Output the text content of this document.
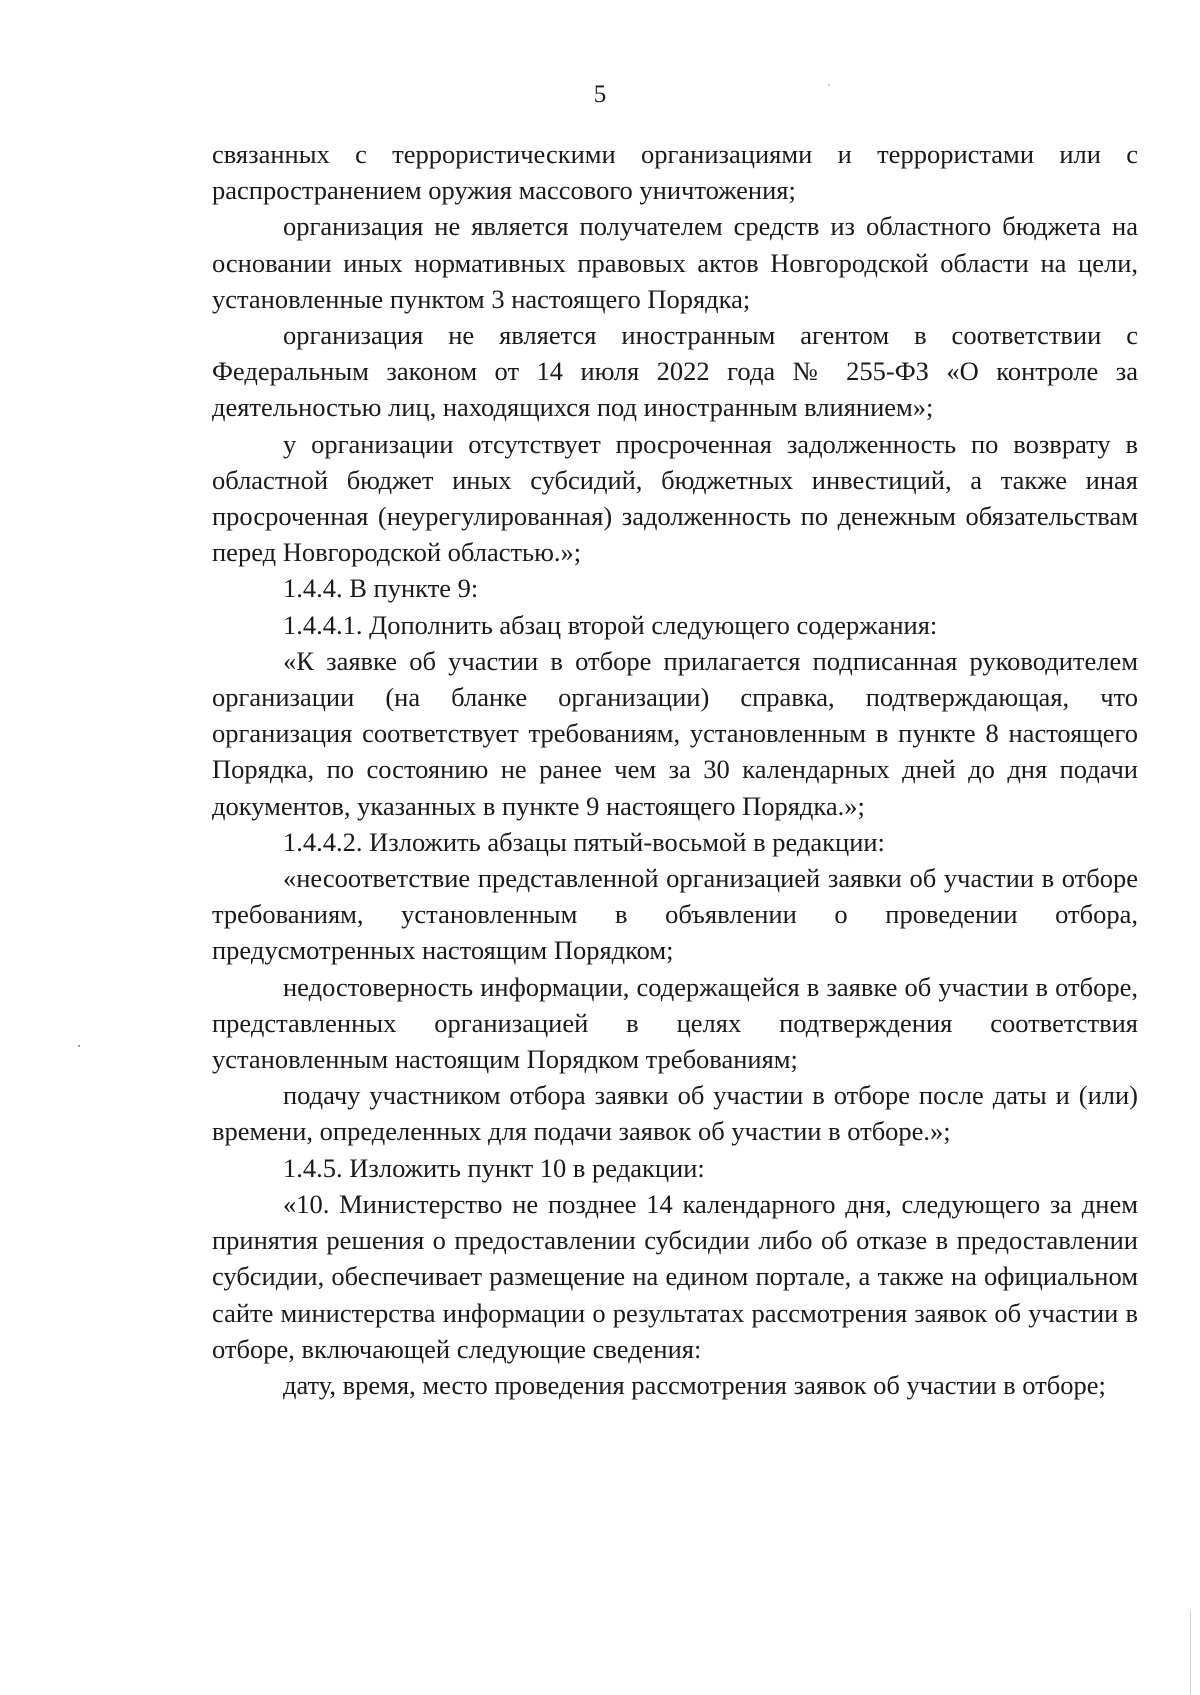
5

связанных с террористическими организациями и террористами или с распространением оружия массового уничтожения;

организация не является получателем средств из областного бюджета на основании иных нормативных правовых актов Новгородской области на цели, установленные пунктом 3 настоящего Порядка;

организация не является иностранным агентом в соответствии с Федеральным законом от 14 июля 2022 года № 255-ФЗ «О контроле за деятельностью лиц, находящихся под иностранным влиянием»;

у организации отсутствует просроченная задолженность по возврату в областной бюджет иных субсидий, бюджетных инвестиций, а также иная просроченная (неурегулированная) задолженность по денежным обязательствам перед Новгородской областью.»;

1.4.4. В пункте 9:

1.4.4.1. Дополнить абзац второй следующего содержания:

«К заявке об участии в отборе прилагается подписанная руководителем организации (на бланке организации) справка, подтверждающая, что организация соответствует требованиям, установленным в пункте 8 настоящего Порядка, по состоянию не ранее чем за 30 календарных дней до дня подачи документов, указанных в пункте 9 настоящего Порядка.»;

1.4.4.2. Изложить абзацы пятый-восьмой в редакции:

«несоответствие представленной организацией заявки об участии в отборе требованиям, установленным в объявлении о проведении отбора, предусмотренных настоящим Порядком;

недостоверность информации, содержащейся в заявке об участии в отборе, представленных организацией в целях подтверждения соответствия установленным настоящим Порядком требованиям;

подачу участником отбора заявки об участии в отборе после даты и (или) времени, определенных для подачи заявок об участии в отборе.»;

1.4.5. Изложить пункт 10 в редакции:

«10. Министерство не позднее 14 календарного дня, следующего за днем принятия решения о предоставлении субсидии либо об отказе в предоставлении субсидии, обеспечивает размещение на едином портале, а также на официальном сайте министерства информации о результатах рассмотрения заявок об участии в отборе, включающей следующие сведения:

дату, время, место проведения рассмотрения заявок об участии в отборе;
